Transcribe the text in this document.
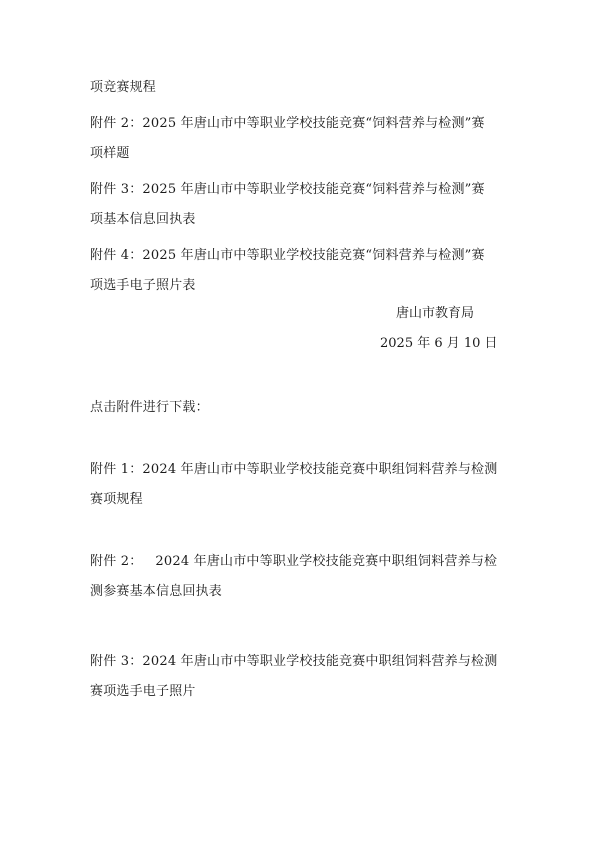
项竞赛规程
附件 2：2025 年唐山市中等职业学校技能竞赛“饲料营养与检测”赛
项样题
附件 3：2025 年唐山市中等职业学校技能竞赛“饲料营养与检测”赛
项基本信息回执表
附件 4：2025 年唐山市中等职业学校技能竞赛“饲料营养与检测”赛
项选手电子照片表
唐山市教育局
2025 年 6 月 10 日
点击附件进行下载：
附件 1：2024 年唐山市中等职业学校技能竞赛中职组饲料营养与检测
赛项规程
附件 2：   2024 年唐山市中等职业学校技能竞赛中职组饲料营养与检
测参赛基本信息回执表
附件 3：2024 年唐山市中等职业学校技能竞赛中职组饲料营养与检测
赛项选手电子照片
